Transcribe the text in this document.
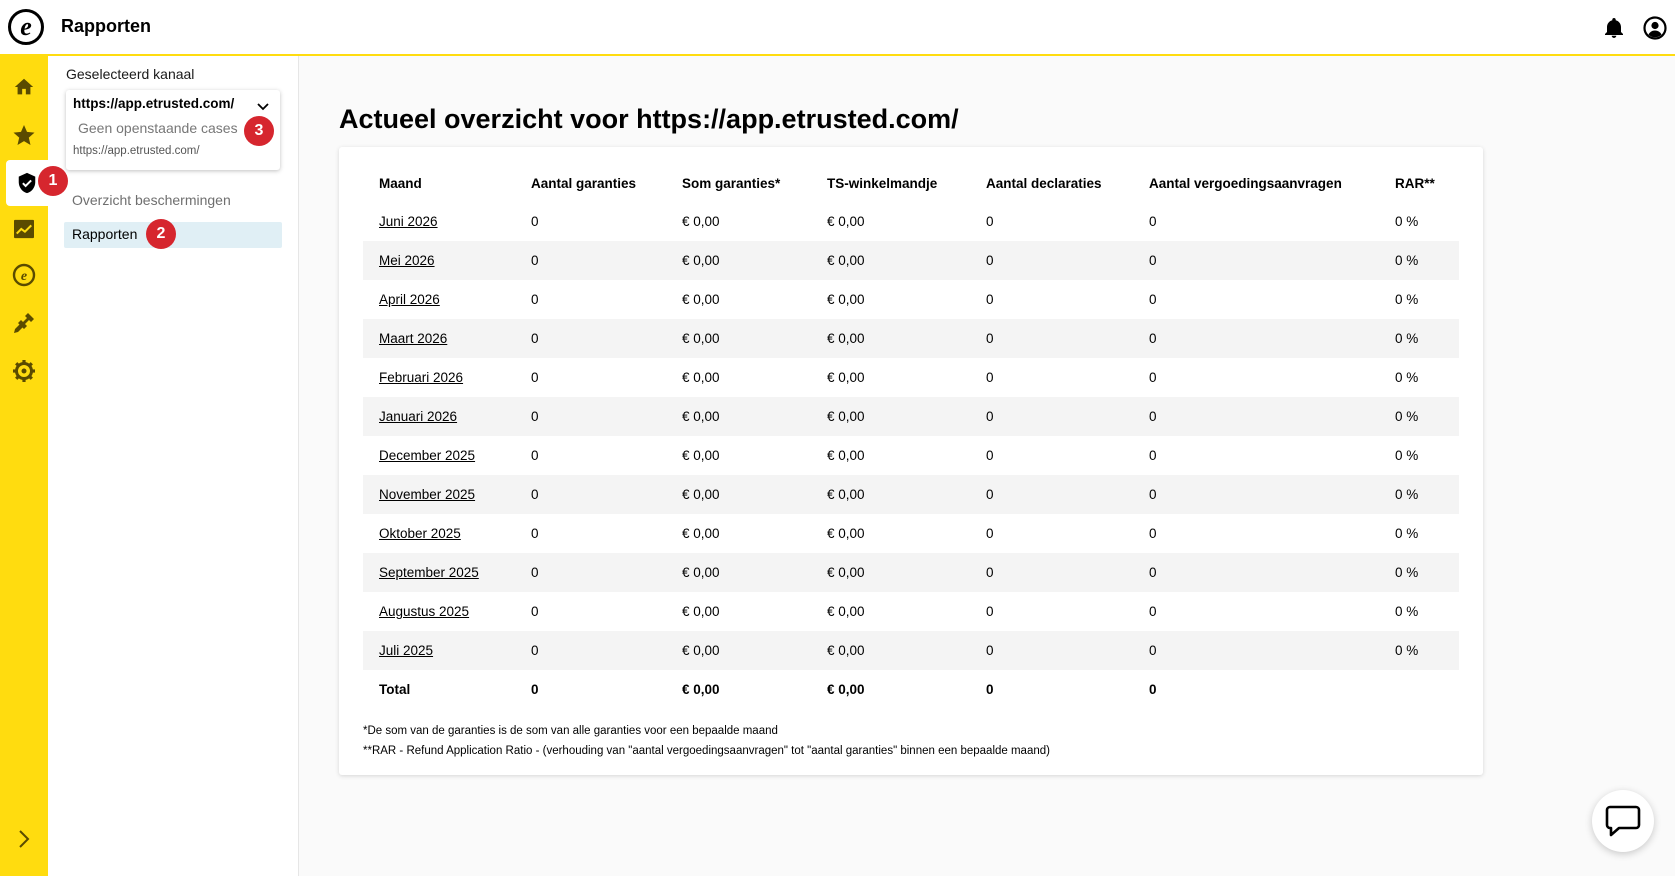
e	Rapporten
e
Geselecteerd kanaal
https://app.etrusted.com/
Geen openstaande cases
https://app.etrusted.com/
Overzicht beschermingen
Rapporten
1
2
3	Actueel overzicht voor https://app.etrusted.com/
Maand	Aantal garanties	Som garanties*	TS-winkelmandje	Aantal declaraties	Aantal vergoedingsaanvragen	RAR**
Juni 2026	0	€ 0,00	€ 0,00	0	0	0 %
Mei 2026	0	€ 0,00	€ 0,00	0	0	0 %
April 2026	0	€ 0,00	€ 0,00	0	0	0 %
Maart 2026	0	€ 0,00	€ 0,00	0	0	0 %
Februari 2026	0	€ 0,00	€ 0,00	0	0	0 %
Januari 2026	0	€ 0,00	€ 0,00	0	0	0 %
December 2025	0	€ 0,00	€ 0,00	0	0	0 %
November 2025	0	€ 0,00	€ 0,00	0	0	0 %
Oktober 2025	0	€ 0,00	€ 0,00	0	0	0 %
September 2025	0	€ 0,00	€ 0,00	0	0	0 %
Augustus 2025	0	€ 0,00	€ 0,00	0	0	0 %
Juli 2025	0	€ 0,00	€ 0,00	0	0	0 %
Total	0	€ 0,00	€ 0,00	0	0	
*De som van de garanties is de som van alle garanties voor een bepaalde maand
**RAR - Refund Application Ratio - (verhouding van "aantal vergoedingsaanvragen" tot "aantal garanties" binnen een bepaalde maand)
